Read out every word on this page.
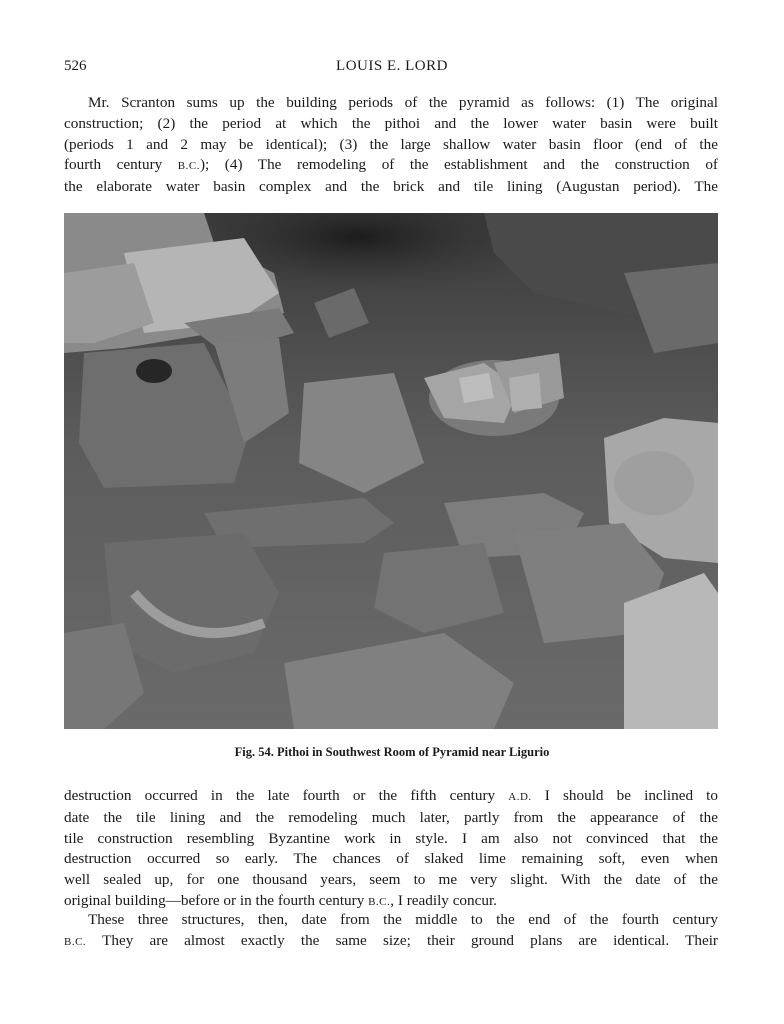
526	LOUIS E. LORD
Mr. Scranton sums up the building periods of the pyramid as follows: (1) The original
construction; (2) the period at which the pithoi and the lower water basin were built
(periods 1 and 2 may be identical); (3) the large shallow water basin floor (end of the
fourth century B.C.); (4) The remodeling of the establishment and the construction of
the elaborate water basin complex and the brick and tile lining (Augustan period). The
Fig. 54. Pithoi in Southwest Room of Pyramid near Ligurio
destruction occurred in the late fourth or the fifth century A.D. I should be inclined to
date the tile lining and the remodeling much later, partly from the appearance of the
tile construction resembling Byzantine work in style. I am also not convinced that the
destruction occurred so early. The chances of slaked lime remaining soft, even when
well sealed up, for one thousand years, seem to me very slight. With the date of the
original building—before or in the fourth century B.C., I readily concur.
These three structures, then, date from the middle to the end of the fourth century
B.C. They are almost exactly the same size; their ground plans are identical. Their
